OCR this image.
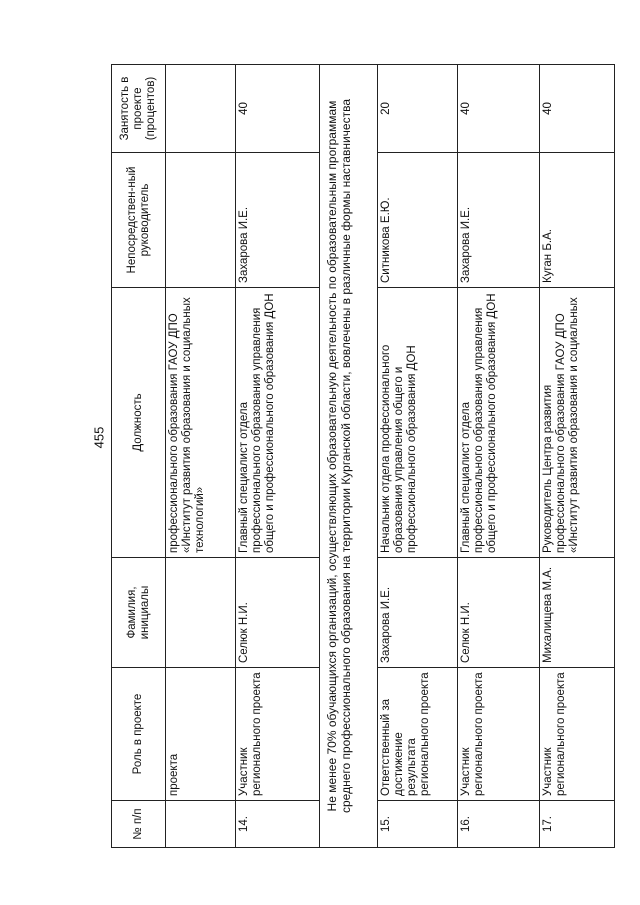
455
№ п/п	Роль в проекте	Фамилия, инициалы	Должность	Непосредствен-ный руководитель	Занятость в проекте (процентов)
	проекта		профессионального образования ГАОУ ДПО «Институт развития образования и социальных технологий»		
14.	Участник регионального проекта	Селюк Н.И.	Главный специалист отдела профессионального образования управления общего и профессионального образования ДОН	Захарова И.Е.	40
Не менее 70% обучающихся организаций, осуществляющих образовательную деятельность по образовательным программам среднего профессионального образования на территории Курганской области, вовлечены в различные формы наставничества					
15.	Ответственный за достижение результата регионального проекта	Захарова И.Е.	Начальник отдела профессионального образования управления общего и профессионального образования ДОН	Ситникова Е.Ю.	20
16.	Участник регионального проекта	Селюк Н.И.	Главный специалист отдела профессионального образования управления общего и профессионального образования ДОН	Захарова И.Е.	40
17.	Участник регионального проекта	Михалищева М.А.	Руководитель Центра развития профессионального образования ГАОУ ДПО «Институт развития образования и социальных	Куган Б.А.	40
